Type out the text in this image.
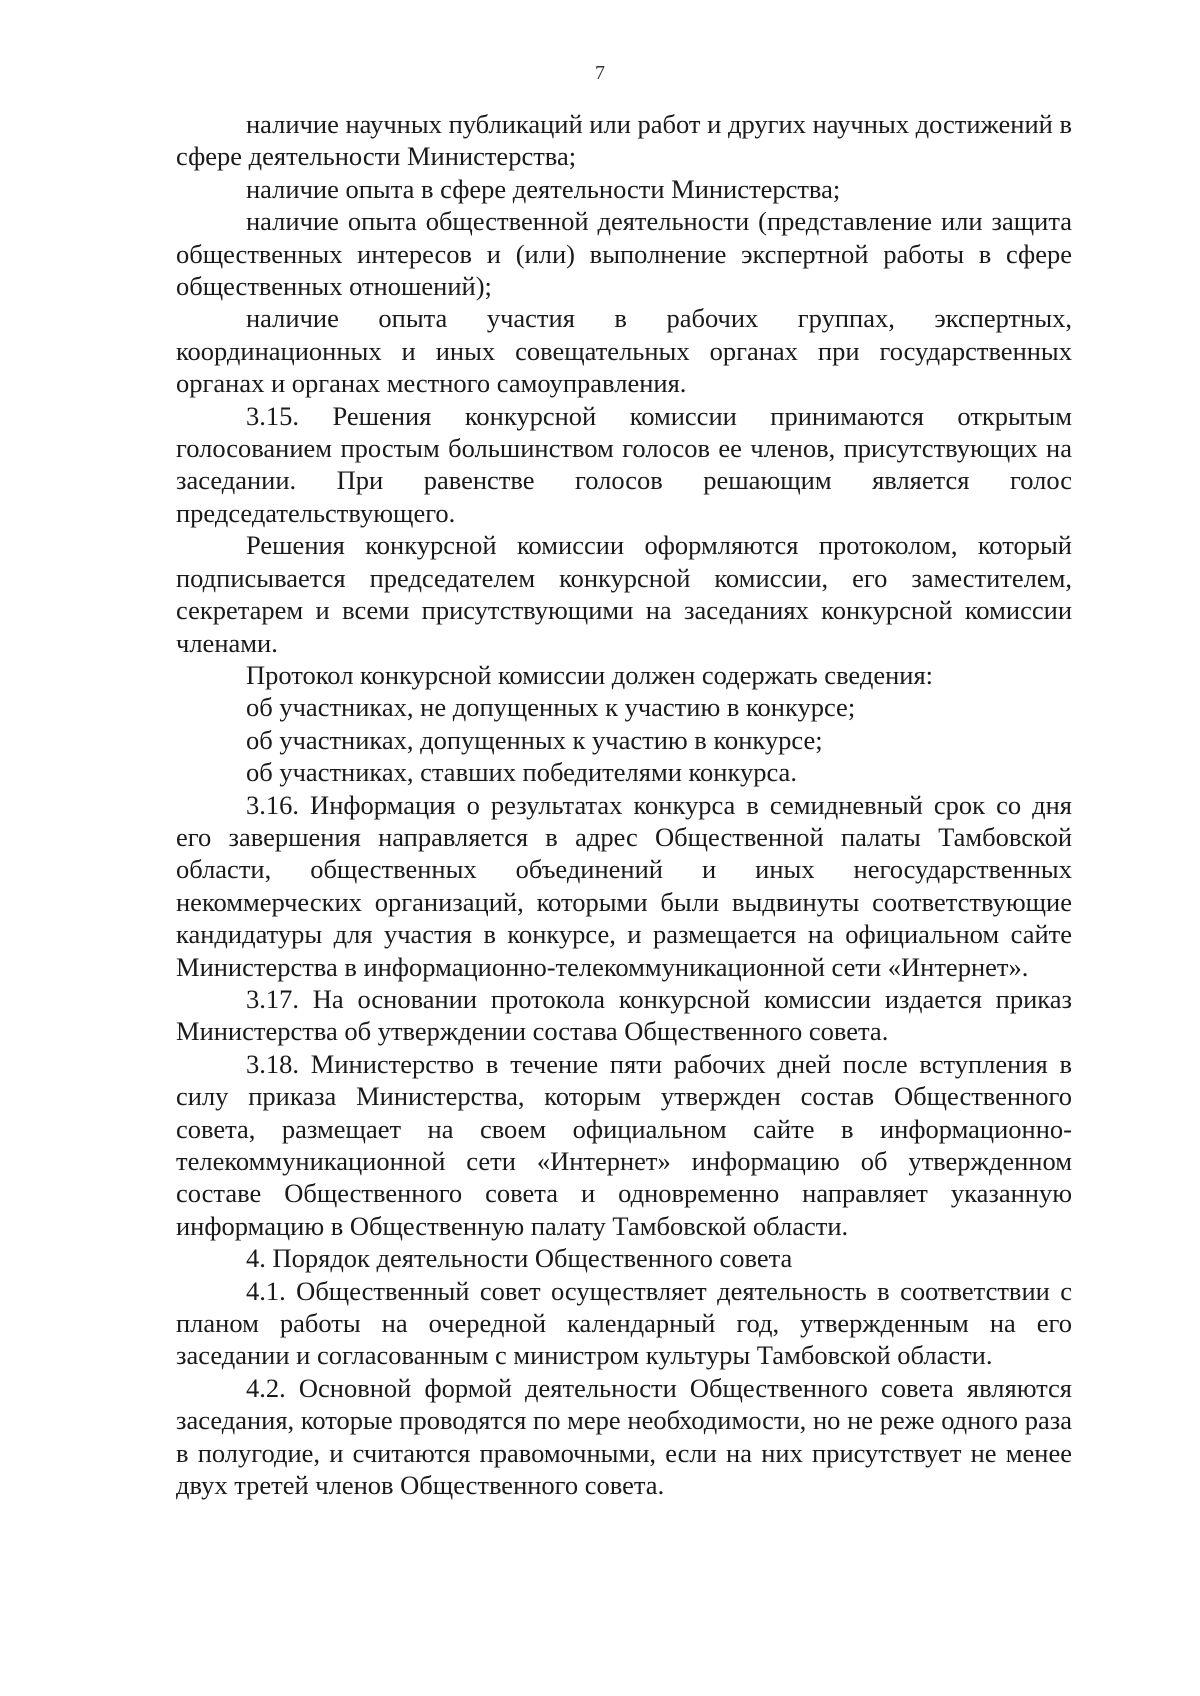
7

наличие научных публикаций или работ и других научных достижений в сфере деятельности Министерства;

наличие опыта в сфере деятельности Министерства;

наличие опыта общественной деятельности (представление или защита общественных интересов и (или) выполнение экспертной работы в сфере общественных отношений);

наличие опыта участия в рабочих группах, экспертных, координационных и иных совещательных органах при государственных органах и органах местного самоуправления.

3.15. Решения конкурсной комиссии принимаются открытым голосованием простым большинством голосов ее членов, присутствующих на заседании. При равенстве голосов решающим является голос председательствующего.

Решения конкурсной комиссии оформляются протоколом, который подписывается председателем конкурсной комиссии, его заместителем, секретарем и всеми присутствующими на заседаниях конкурсной комиссии членами.

Протокол конкурсной комиссии должен содержать сведения:

об участниках, не допущенных к участию в конкурсе;

об участниках, допущенных к участию в конкурсе;

об участниках, ставших победителями конкурса.

3.16. Информация о результатах конкурса в семидневный срок со дня его завершения направляется в адрес Общественной палаты Тамбовской области, общественных объединений и иных негосударственных некоммерческих организаций, которыми были выдвинуты соответствующие кандидатуры для участия в конкурсе, и размещается на официальном сайте Министерства в информационно-телекоммуникационной сети «Интернет».

3.17. На основании протокола конкурсной комиссии издается приказ Министерства об утверждении состава Общественного совета.

3.18. Министерство в течение пяти рабочих дней после вступления в силу приказа Министерства, которым утвержден состав Общественного совета, размещает на своем официальном сайте в информационно-телекоммуникационной сети «Интернет» информацию об утвержденном составе Общественного совета и одновременно направляет указанную информацию в Общественную палату Тамбовской области.

4. Порядок деятельности Общественного совета

4.1. Общественный совет осуществляет деятельность в соответствии с планом работы на очередной календарный год, утвержденным на его заседании и согласованным с министром культуры Тамбовской области.

4.2. Основной формой деятельности Общественного совета являются заседания, которые проводятся по мере необходимости, но не реже одного раза в полугодие, и считаются правомочными, если на них присутствует не менее двух третей членов Общественного совета.
